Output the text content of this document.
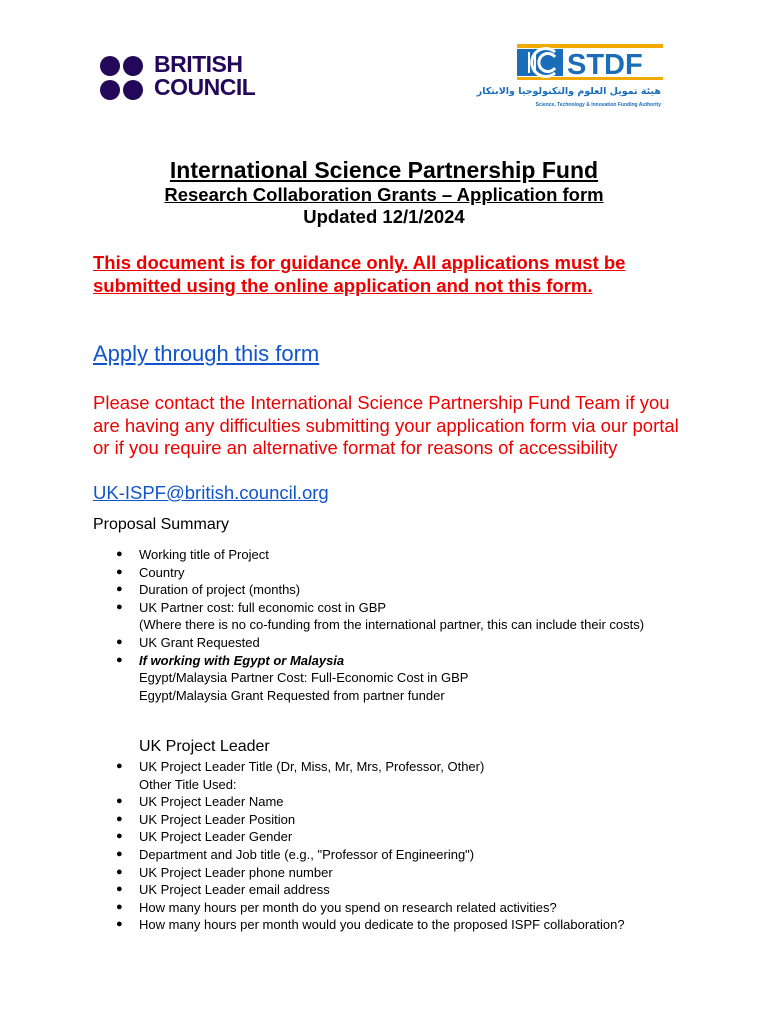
BRITISH
COUNCIL
STDF
هيئة تمويل العلوم والتكنولوجيا والابتكار
Science, Technology & Innovation Funding Authority
International Science Partnership Fund
Research Collaboration Grants – Application form
Updated 12/1/2024
This document is for guidance only. All applications must be submitted using the online application and not this form.
Apply through this form
Please contact the International Science Partnership Fund Team if you are having any difficulties submitting your application form via our portal or if you require an alternative format for reasons of accessibility
UK-ISPF@british.council.org
Proposal Summary
● Working title of Project
● Country
● Duration of project (months)
● UK Partner cost: full economic cost in GBP
(Where there is no co-funding from the international partner, this can include their costs)
● UK Grant Requested
● If working with Egypt or Malaysia
Egypt/Malaysia Partner Cost: Full-Economic Cost in GBP
Egypt/Malaysia Grant Requested from partner funder
UK Project Leader
● UK Project Leader Title (Dr, Miss, Mr, Mrs, Professor, Other)
Other Title Used:
● UK Project Leader Name
● UK Project Leader Position
● UK Project Leader Gender
● Department and Job title (e.g., "Professor of Engineering")
● UK Project Leader phone number
● UK Project Leader email address
● How many hours per month do you spend on research related activities?
● How many hours per month would you dedicate to the proposed ISPF collaboration?
